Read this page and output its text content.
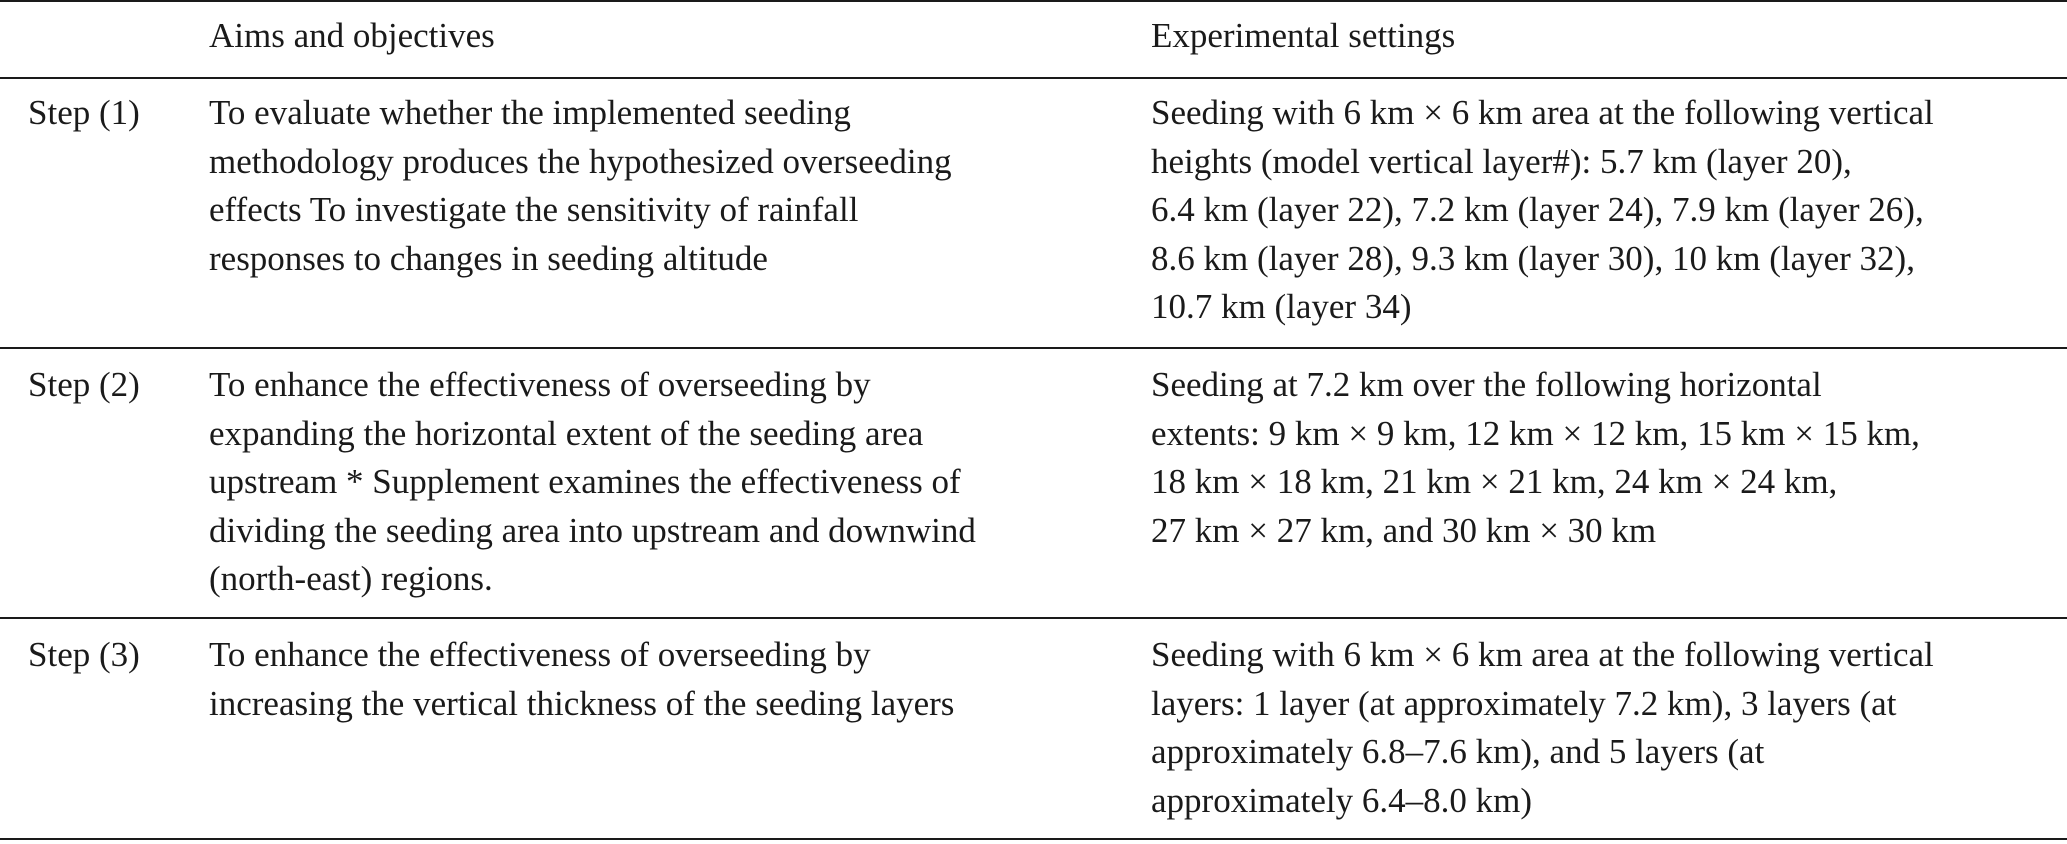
Aims and objectives	Experimental settings
Step (1) To evaluate whether the implemented seeding
methodology produces the hypothesized overseeding
effects To investigate the sensitivity of rainfall
responses to changes in seeding altitude
Seeding with 6 km × 6 km area at the following vertical
heights (model vertical layer#): 5.7 km (layer 20),
6.4 km (layer 22), 7.2 km (layer 24), 7.9 km (layer 26),
8.6 km (layer 28), 9.3 km (layer 30), 10 km (layer 32),
10.7 km (layer 34)
Step (2) To enhance the effectiveness of overseeding by
expanding the horizontal extent of the seeding area
upstream * Supplement examines the effectiveness of
dividing the seeding area into upstream and downwind
(north-east) regions.
Seeding at 7.2 km over the following horizontal
extents: 9 km × 9 km, 12 km × 12 km, 15 km × 15 km,
18 km × 18 km, 21 km × 21 km, 24 km × 24 km,
27 km × 27 km, and 30 km × 30 km
Step (3) To enhance the effectiveness of overseeding by
increasing the vertical thickness of the seeding layers
Seeding with 6 km × 6 km area at the following vertical
layers: 1 layer (at approximately 7.2 km), 3 layers (at
approximately 6.8–7.6 km), and 5 layers (at
approximately 6.4–8.0 km)
